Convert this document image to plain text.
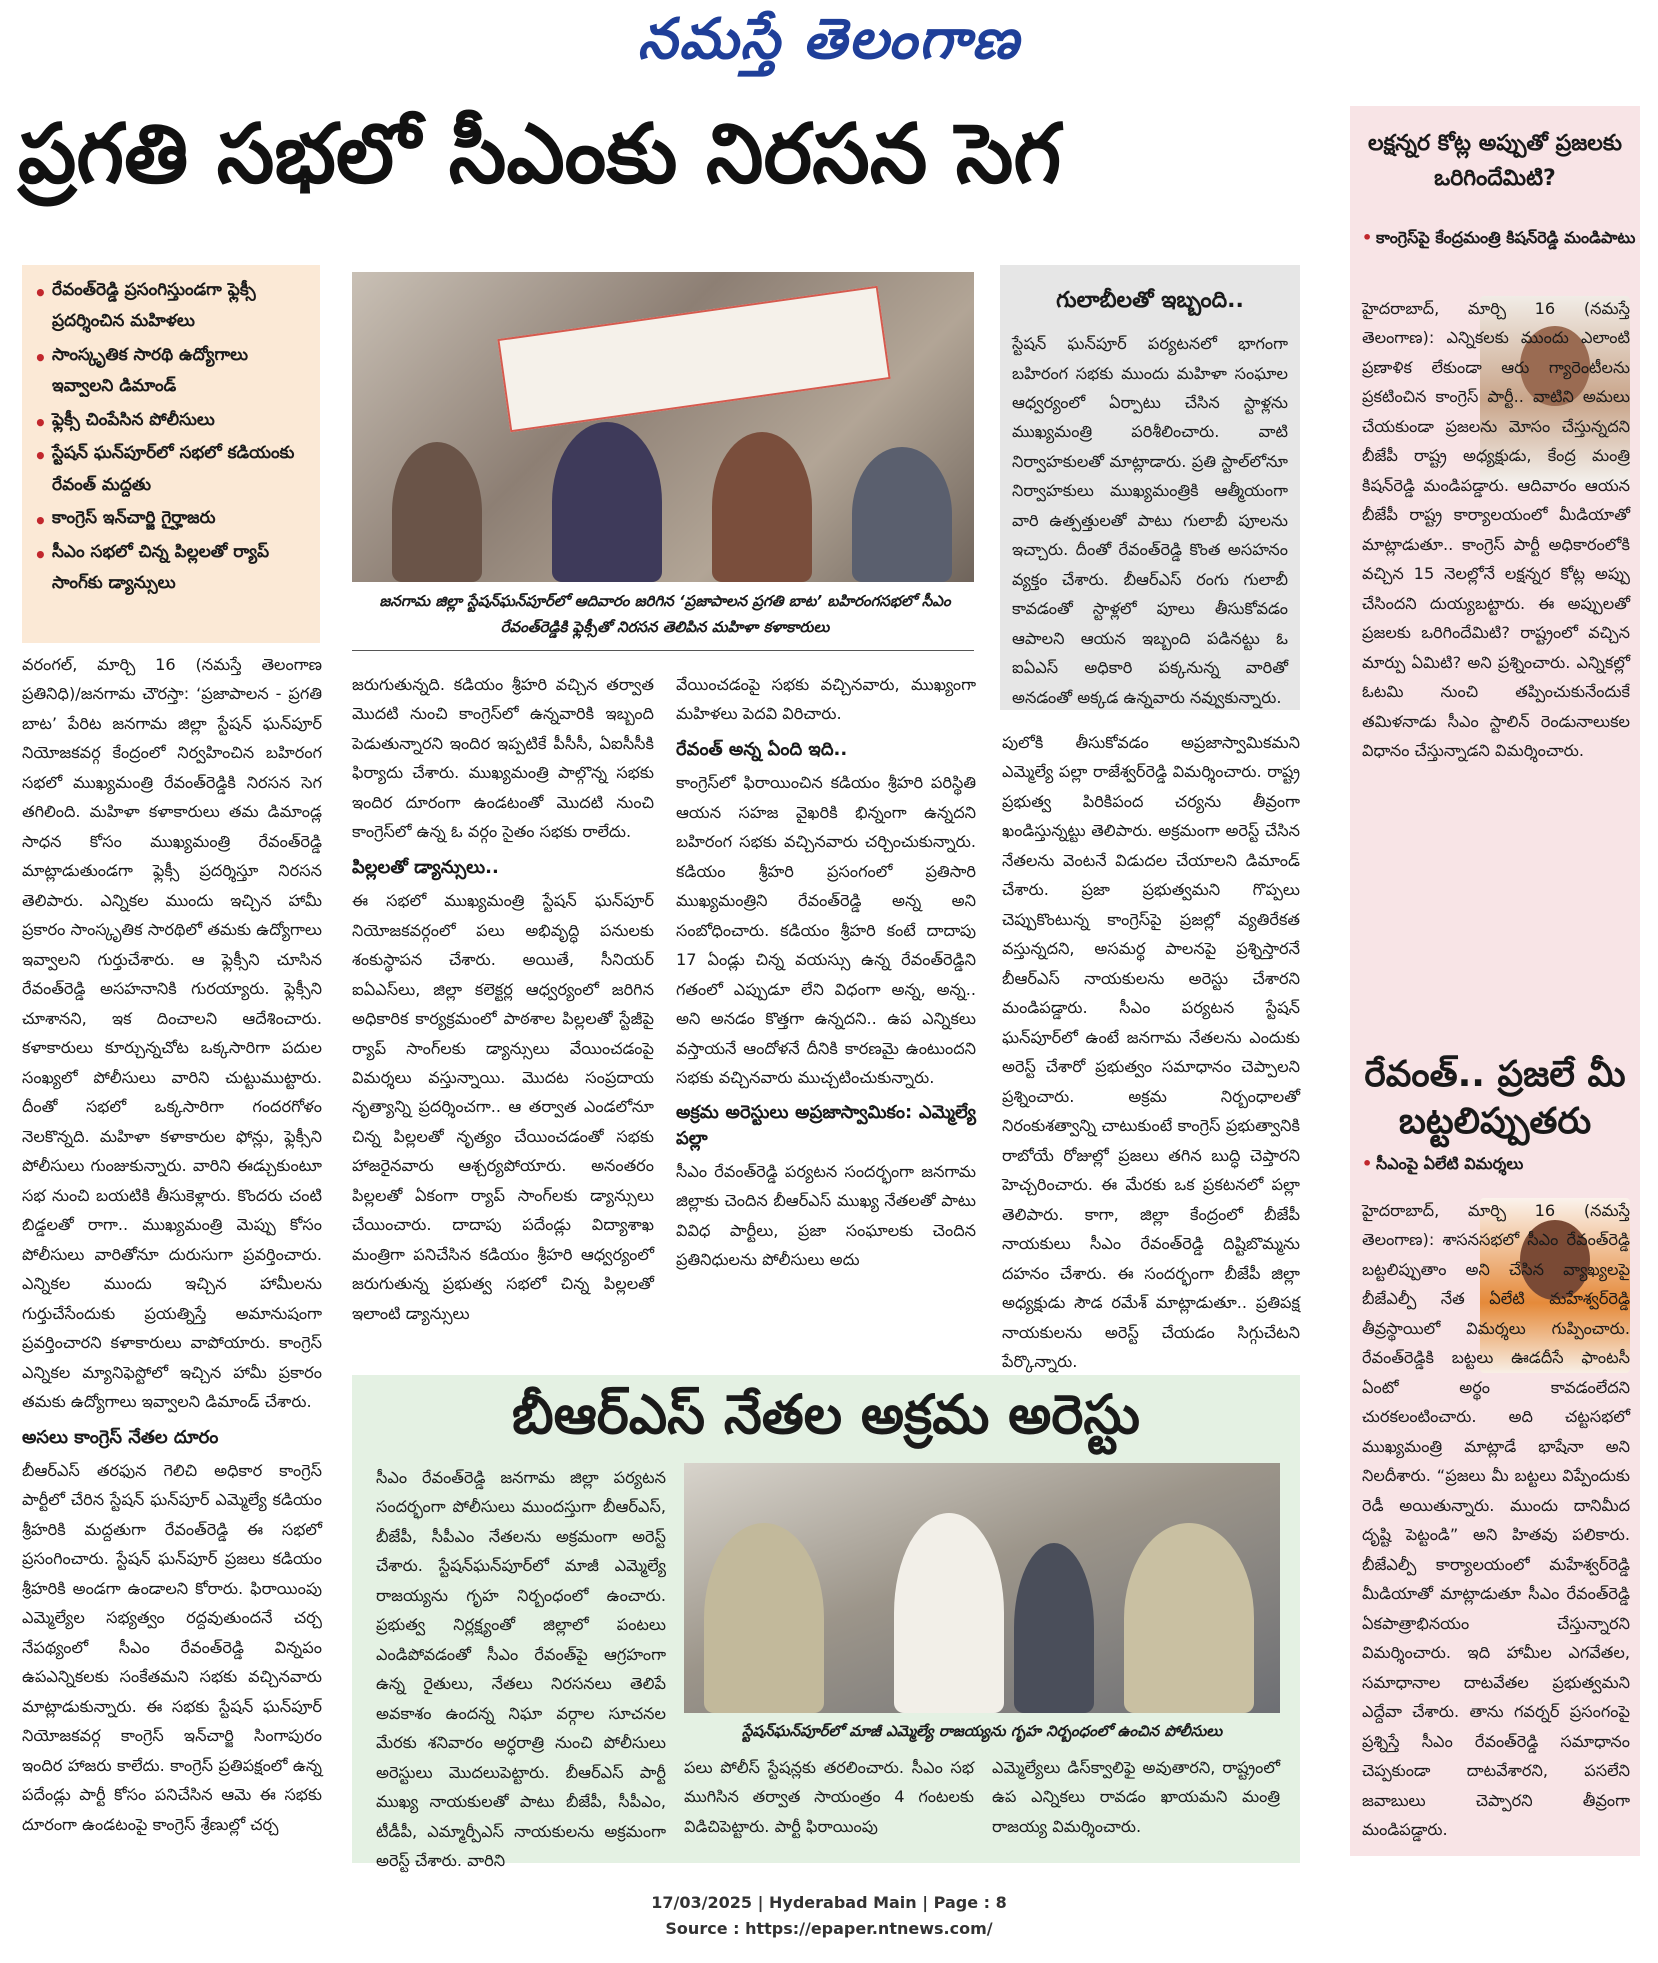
నమస్తే తెలంగాణ
ప్రగతి సభలో సీఎంకు నిరసన సెగ
• రేవంత్‌రెడ్డి ప్రసంగిస్తుండగా ఫ్లెక్సీ ప్రదర్శించిన మహిళలు
• సాంస్కృతిక సారథి ఉద్యోగాలు ఇవ్వాలని డిమాండ్‌
• ఫ్లెక్సీ చింపేసిన పోలీసులు
• స్టేషన్‌ ఘన్‌పూర్‌లో సభలో కడియంకు రేవంత్‌ మద్దతు
• కాంగ్రెస్‌ ఇన్‌చార్జి గైర్హాజరు
• సీఎం సభలో చిన్న పిల్లలతో ర్యాప్‌ సాంగ్‌కు డ్యాన్సులు
జనగామ జిల్లా స్టేషన్‌ఘన్‌పూర్‌లో ఆదివారం జరిగిన ‘ప్రజాపాలన ప్రగతి బాట’ బహిరంగసభలో సీఎం రేవంత్‌రెడ్డికి ఫ్లెక్సీతో నిరసన తెలిపిన మహిళా కళాకారులు

వరంగల్‌, మార్చి 16 (నమస్తే తెలంగాణ ప్రతినిధి)/జనగామ చౌరస్తా: ‘ప్రజాపాలన - ప్రగతి బాట’ పేరిట జనగామ జిల్లా స్టేషన్‌ ఘన్‌పూర్‌ నియోజకవర్గ కేంద్రంలో నిర్వహించిన బహిరంగ సభలో ముఖ్యమంత్రి రేవంత్‌రెడ్డికి నిరసన సెగ తగిలింది. మహిళా కళాకారులు తమ డిమాండ్ల సాధన కోసం ముఖ్యమంత్రి రేవంత్‌రెడ్డి మాట్లాడుతుండగా ఫ్లెక్సీ ప్రదర్శిస్తూ నిరసన తెలిపారు. ఎన్నికల ముందు ఇచ్చిన హామీ ప్రకారం సాంస్కృతిక సారథిలో తమకు ఉద్యోగాలు ఇవ్వాలని గుర్తుచేశారు. ఆ ఫ్లెక్సీని చూసిన రేవంత్‌రెడ్డి అసహనానికి గురయ్యారు. ఫ్లెక్సీని చూశానని, ఇక దించాలని ఆదేశించారు. కళాకారులు కూర్చున్నచోట ఒక్కసారిగా పదుల సంఖ్యలో పోలీసులు వారిని చుట్టుముట్టారు. దీంతో సభలో ఒక్కసారిగా గందరగోళం నెలకొన్నది. మహిళా కళాకారుల ఫోన్లు, ఫ్లెక్సీని పోలీసులు గుంజుకున్నారు. వారిని ఈడ్చుకుంటూ సభ నుంచి బయటికి తీసుకెళ్లారు. కొందరు చంటి బిడ్డలతో రాగా.. ముఖ్యమంత్రి మెప్పు కోసం పోలీసులు వారితోనూ దురుసుగా ప్రవర్తించారు. ఎన్నికల ముందు ఇచ్చిన హామీలను గుర్తుచేసేందుకు ప్రయత్నిస్తే అమానుషంగా ప్రవర్తించారని కళాకారులు వాపోయారు. కాంగ్రెస్‌ ఎన్నికల మ్యానిఫెస్టోలో ఇచ్చిన హామీ ప్రకారం తమకు ఉద్యోగాలు ఇవ్వాలని డిమాండ్‌ చేశారు.

అసలు కాంగ్రెస్‌ నేతల దూరం

బీఆర్‌ఎస్‌ తరఫున గెలిచి అధికార కాంగ్రెస్‌ పార్టీలో చేరిన స్టేషన్‌ ఘన్‌పూర్‌ ఎమ్మెల్యే కడియం శ్రీహరికి మద్దతుగా రేవంత్‌రెడ్డి ఈ సభలో ప్రసంగించారు. స్టేషన్‌ ఘన్‌పూర్‌ ప్రజలు కడియం శ్రీహరికి అండగా ఉండాలని కోరారు. ఫిరాయింపు ఎమ్మెల్యేల సభ్యత్వం రద్దవుతుందనే చర్చ నేపథ్యంలో సీఎం రేవంత్‌రెడ్డి విన్నపం ఉపఎన్నికలకు సంకేతమని సభకు వచ్చినవారు మాట్లాడుకున్నారు. ఈ సభకు స్టేషన్‌ ఘన్‌పూర్‌ నియోజకవర్గ కాంగ్రెస్‌ ఇన్‌చార్జి సింగాపురం ఇందిర హాజరు కాలేదు. కాంగ్రెస్‌ ప్రతిపక్షంలో ఉన్న పదేండ్లు పార్టీ కోసం పనిచేసిన ఆమె ఈ సభకు దూరంగా ఉండటంపై కాంగ్రెస్‌ శ్రేణుల్లో చర్చ

జరుగుతున్నది. కడియం శ్రీహరి వచ్చిన తర్వాత మొదటి నుంచి కాంగ్రెస్‌లో ఉన్నవారికి ఇబ్బంది పెడుతున్నారని ఇందిర ఇప్పటికే పీసీసీ, ఏఐసీసీకి ఫిర్యాదు చేశారు. ముఖ్యమంత్రి పాల్గొన్న సభకు ఇందిర దూరంగా ఉండటంతో మొదటి నుంచి కాంగ్రెస్‌లో ఉన్న ఓ వర్గం సైతం సభకు రాలేదు.

పిల్లలతో డ్యాన్సులు..

ఈ సభలో ముఖ్యమంత్రి స్టేషన్‌ ఘన్‌పూర్‌ నియోజకవర్గంలో పలు అభివృద్ధి పనులకు శంకుస్థాపన చేశారు. అయితే, సీనియర్‌ ఐఏఎస్‌లు, జిల్లా కలెక్టర్ల ఆధ్వర్యంలో జరిగిన అధికారిక కార్యక్రమంలో పాఠశాల పిల్లలతో స్టేజీపై ర్యాప్‌ సాంగ్‌లకు డ్యాన్సులు వేయించడంపై విమర్శలు వస్తున్నాయి. మొదట సంప్రదాయ నృత్యాన్ని ప్రదర్శించగా.. ఆ తర్వాత ఎండలోనూ చిన్న పిల్లలతో నృత్యం చేయించడంతో సభకు హాజరైనవారు ఆశ్చర్యపోయారు. అనంతరం పిల్లలతో ఏకంగా ర్యాప్‌ సాంగ్‌లకు డ్యాన్సులు చేయించారు. దాదాపు పదేండ్లు విద్యాశాఖ మంత్రిగా పనిచేసిన కడియం శ్రీహరి ఆధ్వర్యంలో జరుగుతున్న ప్రభుత్వ సభలో చిన్న పిల్లలతో ఇలాంటి డ్యాన్సులు

వేయించడంపై సభకు వచ్చినవారు, ముఖ్యంగా మహిళలు పెదవి విరిచారు.

రేవంత్‌ అన్న ఏంది ఇది..

కాంగ్రెస్‌లో ఫిరాయించిన కడియం శ్రీహరి పరిస్థితి ఆయన సహజ వైఖరికి భిన్నంగా ఉన్నదని బహిరంగ సభకు వచ్చినవారు చర్చించుకున్నారు. కడియం శ్రీహరి ప్రసంగంలో ప్రతిసారి ముఖ్యమంత్రిని రేవంత్‌రెడ్డి అన్న అని సంబోధించారు. కడియం శ్రీహరి కంటే దాదాపు 17 ఏండ్లు చిన్న వయస్సు ఉన్న రేవంత్‌రెడ్డిని గతంలో ఎప్పుడూ లేని విధంగా అన్న, అన్న.. అని అనడం కొత్తగా ఉన్నదని.. ఉప ఎన్నికలు వస్తాయనే ఆందోళనే దీనికి కారణమై ఉంటుందని సభకు వచ్చినవారు ముచ్చటించుకున్నారు.

అక్రమ అరెస్టులు అప్రజాస్వామికం: ఎమ్మెల్యే పల్లా

సీఎం రేవంత్‌రెడ్డి పర్యటన సందర్భంగా జనగామ జిల్లాకు చెందిన బీఆర్‌ఎస్‌ ముఖ్య నేతలతో పాటు వివిధ పార్టీలు, ప్రజా సంఘాలకు చెందిన ప్రతినిధులను పోలీసులు అదు

గులాబీలతో ఇబ్బంది..

స్టేషన్‌ ఘన్‌పూర్‌ పర్యటనలో భాగంగా బహిరంగ సభకు ముందు మహిళా సంఘాల ఆధ్వర్యంలో ఏర్పాటు చేసిన స్టాళ్లను ముఖ్యమంత్రి పరిశీలించారు. వాటి నిర్వాహకులతో మాట్లాడారు. ప్రతి స్టాల్‌లోనూ నిర్వాహకులు ముఖ్యమంత్రికి ఆత్మీయంగా వారి ఉత్పత్తులతో పాటు గులాబీ పూలను ఇచ్చారు. దీంతో రేవంత్‌రెడ్డి కొంత అసహనం వ్యక్తం చేశారు. బీఆర్‌ఎస్‌ రంగు గులాబీ కావడంతో స్టాళ్లలో పూలు తీసుకోవడం ఆపాలని ఆయన ఇబ్బంది పడినట్టు ఓ ఐఏఎస్‌ అధికారి పక్కనున్న వారితో అనడంతో అక్కడ ఉన్నవారు నవ్వుకున్నారు.

పులోకి తీసుకోవడం అప్రజాస్వామికమని ఎమ్మెల్యే పల్లా రాజేశ్వర్‌రెడ్డి విమర్శించారు. రాష్ట్ర ప్రభుత్వ పిరికిపంద చర్యను తీవ్రంగా ఖండిస్తున్నట్టు తెలిపారు. అక్రమంగా అరెస్ట్‌ చేసిన నేతలను వెంటనే విడుదల చేయాలని డిమాండ్‌ చేశారు. ప్రజా ప్రభుత్వమని గొప్పలు చెప్పుకొంటున్న కాంగ్రెస్‌పై ప్రజల్లో వ్యతిరేకత వస్తున్నదని, అసమర్థ పాలనపై ప్రశ్నిస్తారనే బీఆర్‌ఎస్‌ నాయకులను అరెస్టు చేశారని మండిపడ్డారు. సీఎం పర్యటన స్టేషన్‌ ఘన్‌పూర్‌లో ఉంటే జనగామ నేతలను ఎందుకు అరెస్ట్‌ చేశారో ప్రభుత్వం సమాధానం చెప్పాలని ప్రశ్నించారు. అక్రమ నిర్బంధాలతో నిరంకుశత్వాన్ని చాటుకుంటే కాంగ్రెస్‌ ప్రభుత్వానికి రాబోయే రోజుల్లో ప్రజలు తగిన బుద్ధి చెప్తారని హెచ్చరించారు. ఈ మేరకు ఒక ప్రకటనలో పల్లా తెలిపారు. కాగా, జిల్లా కేంద్రంలో బీజేపీ నాయకులు సీఎం రేవంత్‌రెడ్డి దిష్టిబొమ్మను దహనం చేశారు. ఈ సందర్భంగా బీజేపీ జిల్లా అధ్యక్షుడు సౌడ రమేశ్‌ మాట్లాడుతూ.. ప్రతిపక్ష నాయకులను అరెస్ట్‌ చేయడం సిగ్గుచేటని పేర్కొన్నారు.

బీఆర్‌ఎస్‌ నేతల అక్రమ అరెస్టు

సీఎం రేవంత్‌రెడ్డి జనగామ జిల్లా పర్యటన సందర్భంగా పోలీసులు ముందస్తుగా బీఆర్‌ఎస్‌, బీజేపీ, సీపీఎం నేతలను అక్రమంగా అరెస్ట్‌ చేశారు. స్టేషన్‌ఘన్‌పూర్‌లో మాజీ ఎమ్మెల్యే రాజయ్యను గృహ నిర్బంధంలో ఉంచారు. ప్రభుత్వ నిర్లక్ష్యంతో జిల్లాలో పంటలు ఎండిపోవడంతో సీఎం రేవంత్‌పై ఆగ్రహంగా ఉన్న రైతులు, నేతలు నిరసనలు తెలిపే అవకాశం ఉందన్న నిఘా వర్గాల సూచనల మేరకు శనివారం అర్ధరాత్రి నుంచి పోలీసులు అరెస్టులు మొదలుపెట్టారు. బీఆర్‌ఎస్‌ పార్టీ ముఖ్య నాయకులతో పాటు బీజేపీ, సీపీఎం, టీడీపీ, ఎమ్మార్పీఎస్‌ నాయకులను అక్రమంగా అరెస్ట్‌ చేశారు. వారిని

స్టేషన్‌ఘన్‌పూర్‌లో మాజీ ఎమ్మెల్యే రాజయ్యను గృహ నిర్బంధంలో ఉంచిన పోలీసులు

పలు పోలీస్‌ స్టేషన్లకు తరలించారు. సీఎం సభ ముగిసిన తర్వాత సాయంత్రం 4 గంటలకు విడిచిపెట్టారు. పార్టీ ఫిరాయింపు

ఎమ్మెల్యేలు డిస్‌క్వాలిఫై అవుతారని, రాష్ట్రంలో ఉప ఎన్నికలు రావడం ఖాయమని మంత్రి రాజయ్య విమర్శించారు.

లక్షన్నర కోట్ల అప్పుతో ప్రజలకు ఒరిగిందేమిటి?
• కాంగ్రెస్‌పై కేంద్రమంత్రి కిషన్‌రెడ్డి మండిపాటు

హైదరాబాద్‌, మార్చి 16 (నమస్తే తెలంగాణ): ఎన్నికలకు ముందు ఎలాంటి ప్రణాళిక లేకుండా ఆరు గ్యారెంటీలను ప్రకటించిన కాంగ్రెస్‌ పార్టీ.. వాటిని అమలు చేయకుండా ప్రజలను మోసం చేస్తున్నదని బీజేపీ రాష్ట్ర అధ్యక్షుడు, కేంద్ర మంత్రి కిషన్‌రెడ్డి మండిపడ్డారు. ఆదివారం ఆయన బీజేపీ రాష్ట్ర కార్యాలయంలో మీడియాతో మాట్లాడుతూ.. కాంగ్రెస్‌ పార్టీ అధికారంలోకి వచ్చిన 15 నెలల్లోనే లక్షన్నర కోట్ల అప్పు చేసిందని దుయ్యబట్టారు. ఈ అప్పులతో ప్రజలకు ఒరిగిందేమిటి? రాష్ట్రంలో వచ్చిన మార్పు ఏమిటి? అని ప్రశ్నించారు. ఎన్నికల్లో ఓటమి నుంచి తప్పించుకునేందుకే తమిళనాడు సీఎం స్టాలిన్‌ రెండునాలుకల విధానం చేస్తున్నాడని విమర్శించారు.

రేవంత్‌.. ప్రజలే మీ బట్టలిప్పుతరు
• సీఎంపై ఏలేటి విమర్శలు

హైదరాబాద్‌, మార్చి 16 (నమస్తే తెలంగాణ): శాసనసభలో సీఎం రేవంత్‌రెడ్డి బట్టలిప్పుతాం అని చేసిన వ్యాఖ్యలపై బీజేఎల్పీ నేత ఏలేటి మహేశ్వర్‌రెడ్డి తీవ్రస్థాయిలో విమర్శలు గుప్పించారు. రేవంత్‌రెడ్డికి బట్టలు ఊడదీసే ఫాంటసీ ఏంటో అర్థం కావడంలేదని చురకలంటించారు. అది చట్టసభలో ముఖ్యమంత్రి మాట్లాడే భాషేనా అని నిలదీశారు. “ప్రజలు మీ బట్టలు విప్పేందుకు రెడీ అయితున్నారు. ముందు దానిమీద దృష్టి పెట్టండి” అని హితవు పలికారు. బీజేఎల్పీ కార్యాలయంలో మహేశ్వర్‌రెడ్డి మీడియాతో మాట్లాడుతూ సీఎం రేవంత్‌రెడ్డి ఏకపాత్రాభినయం చేస్తున్నారని విమర్శించారు. ఇది హామీల ఎగవేతల, సమాధానాల దాటవేతల ప్రభుత్వమని ఎద్దేవా చేశారు. తాను గవర్నర్‌ ప్రసంగంపై ప్రశ్నిస్తే సీఎం రేవంత్‌రెడ్డి సమాధానం చెప్పకుండా దాటవేశారని, పసలేని జవాబులు చెప్పారని తీవ్రంగా మండిపడ్డారు.

17/03/2025 | Hyderabad Main | Page : 8
Source : https://epaper.ntnews.com/
